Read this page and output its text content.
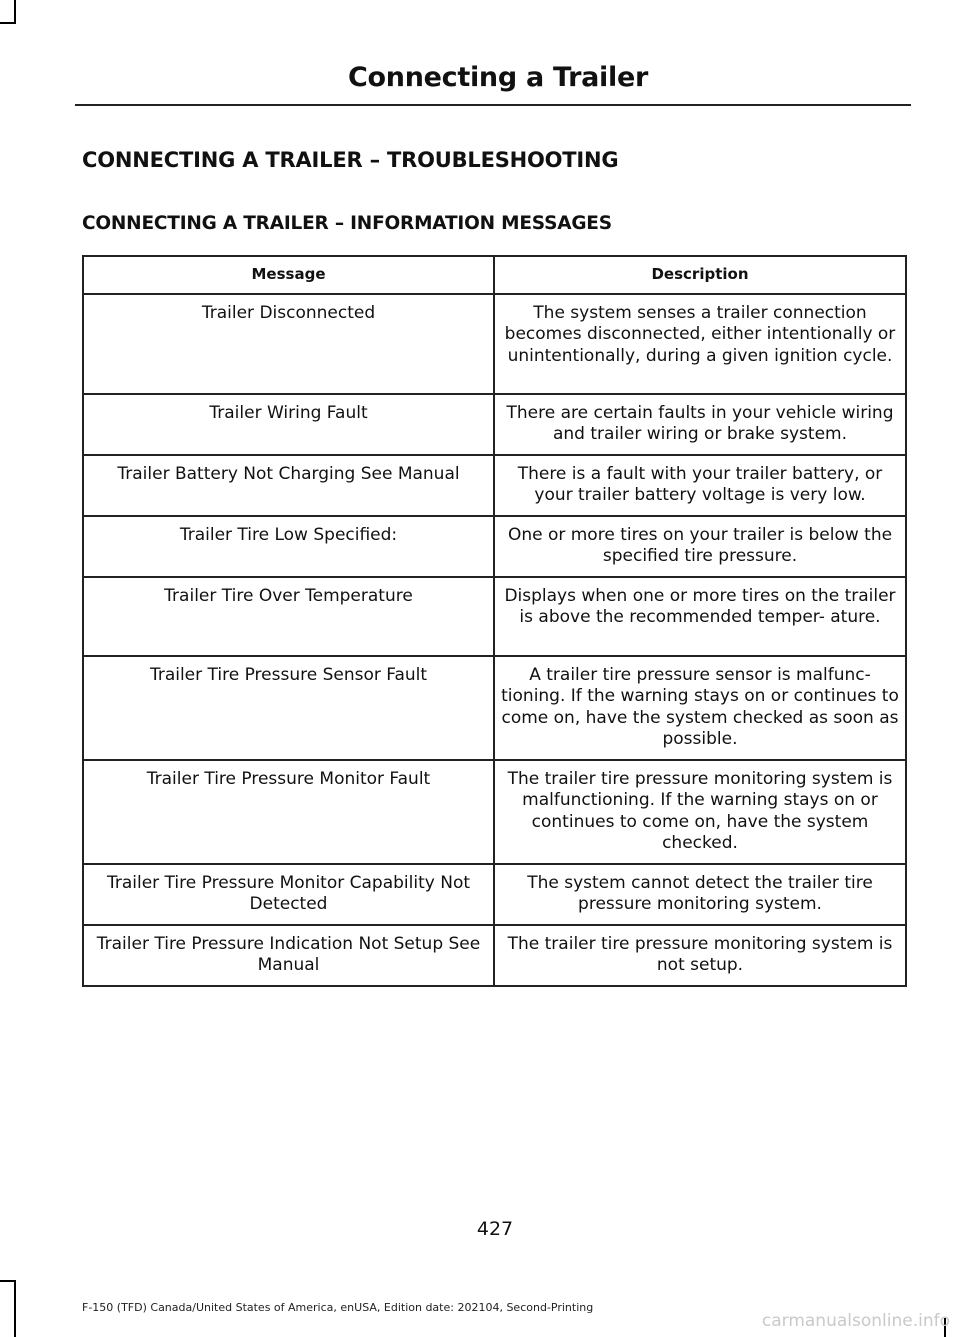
Connecting a Trailer
CONNECTING A TRAILER – TROUBLESHOOTING
CONNECTING A TRAILER – INFORMATION MESSAGES
Message	Description
Trailer Disconnected	The system senses a trailer connection becomes disconnected, either intentionally or unintentionally, during a given ignition cycle.
Trailer Wiring Fault	There are certain faults in your vehicle wiring and trailer wiring or brake system.
Trailer Battery Not Charging See Manual	There is a fault with your trailer battery, or your trailer battery voltage is very low.
Trailer Tire Low Specified:	One or more tires on your trailer is below the specified tire pressure.
Trailer Tire Over Temperature	Displays when one or more tires on the trailer is above the recommended temper- ature.
Trailer Tire Pressure Sensor Fault	A trailer tire pressure sensor is malfunc- tioning. If the warning stays on or continues to come on, have the system checked as soon as possible.
Trailer Tire Pressure Monitor Fault	The trailer tire pressure monitoring system is malfunctioning. If the warning stays on or continues to come on, have the system checked.
Trailer Tire Pressure Monitor Capability Not Detected	The system cannot detect the trailer tire pressure monitoring system.
Trailer Tire Pressure Indication Not Setup See Manual	The trailer tire pressure monitoring system is not setup.
427
F-150 (TFD) Canada/United States of America, enUSA, Edition date: 202104, Second-Printing
carmanualsonline.info
